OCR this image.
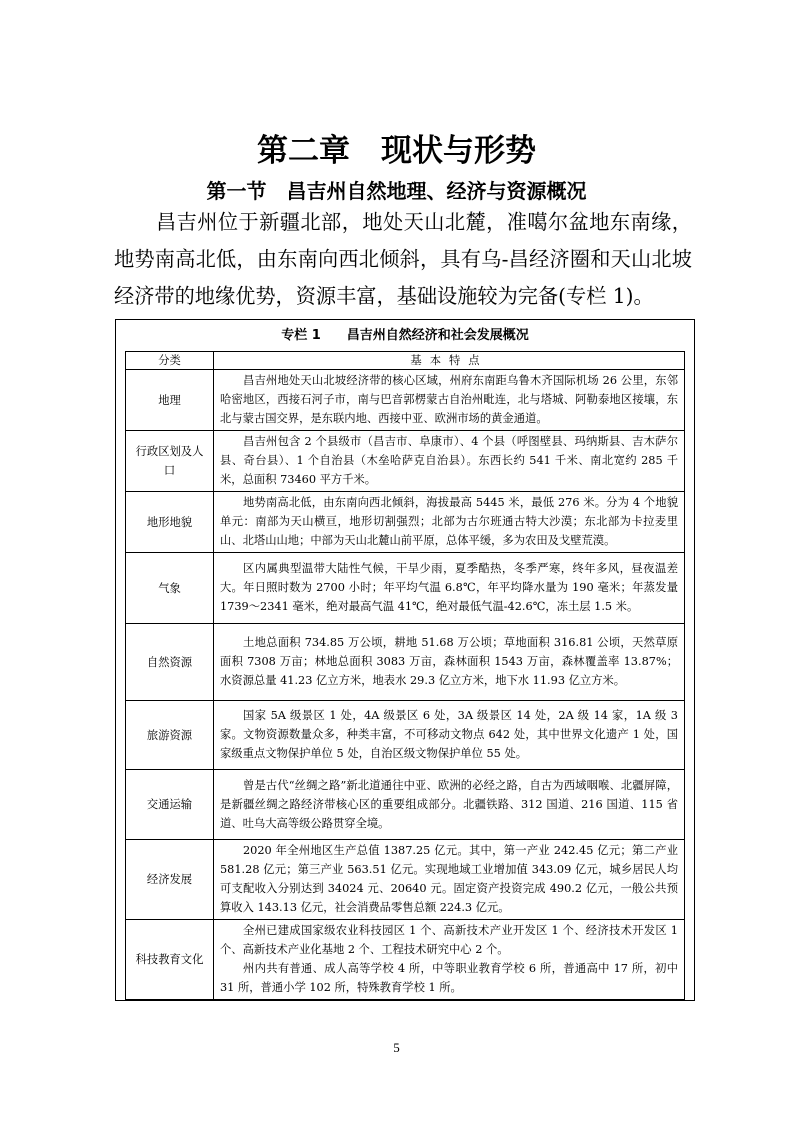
第二章　现状与形势
第一节　昌吉州自然地理、经济与资源概况

昌吉州位于新疆北部，地处天山北麓，准噶尔盆地东南缘，地势南高北低，由东南向西北倾斜，具有乌-昌经济圈和天山北坡经济带的地缘优势，资源丰富，基础设施较为完备(专栏 1)。

专栏 1　　昌吉州自然经济和社会发展概况
分类	基本特点
地理	昌吉州地处天山北坡经济带的核心区域，州府东南距乌鲁木齐国际机场 26 公里，东邻哈密地区，西接石河子市，南与巴音郭楞蒙古自治州毗连，北与塔城、阿勒泰地区接壤，东北与蒙古国交界，是东联内地、西接中亚、欧洲市场的黄金通道。

行政区划及人口	昌吉州包含 2 个县级市（昌吉市、阜康市）、4 个县（呼图壁县、玛纳斯县、吉木萨尔县、奇台县）、1 个自治县（木垒哈萨克自治县）。东西长约 541 千米、南北宽约 285 千米，总面积 73460 平方千米。

地形地貌	地势南高北低，由东南向西北倾斜，海拔最高 5445 米，最低 276 米。分为 4 个地貌单元：南部为天山横亘，地形切割强烈；北部为古尔班通古特大沙漠；东北部为卡拉麦里山、北塔山山地；中部为天山北麓山前平原，总体平缓，多为农田及戈壁荒漠。

气象	区内属典型温带大陆性气候，干旱少雨，夏季酷热，冬季严寒，终年多风，昼夜温差大。年日照时数为 2700 小时；年平均气温 6.8℃，年平均降水量为 190 毫米；年蒸发量 1739～2341 毫米，绝对最高气温 41℃，绝对最低气温-42.6℃，冻土层 1.5 米。

自然资源	土地总面积 734.85 万公顷，耕地 51.68 万公顷；草地面积 316.81 公顷，天然草原面积 7308 万亩；林地总面积 3083 万亩，森林面积 1543 万亩，森林覆盖率 13.87%；水资源总量 41.23 亿立方米，地表水 29.3 亿立方米，地下水 11.93 亿立方米。

旅游资源	国家 5A 级景区 1 处，4A 级景区 6 处，3A 级景区 14 处，2A 级 14 家，1A 级 3 家。文物资源数量众多，种类丰富，不可移动文物点 642 处，其中世界文化遗产 1 处，国家级重点文物保护单位 5 处，自治区级文物保护单位 55 处。

交通运输	曾是古代“丝绸之路”新北道通往中亚、欧洲的必经之路，自古为西域咽喉、北疆屏障，是新疆丝绸之路经济带核心区的重要组成部分。北疆铁路、312 国道、216 国道、115 省道、吐乌大高等级公路贯穿全境。

经济发展	2020 年全州地区生产总值 1387.25 亿元。其中，第一产业 242.45 亿元；第二产业 581.28 亿元；第三产业 563.51 亿元。实现地域工业增加值 343.09 亿元，城乡居民人均可支配收入分别达到 34024 元、20640 元。固定资产投资完成 490.2 亿元，一般公共预算收入 143.13 亿元，社会消费品零售总额 224.3 亿元。

科技教育文化	全州已建成国家级农业科技园区 1 个、高新技术产业开发区 1 个、经济技术开发区 1 个、高新技术产业化基地 2 个、工程技术研究中心 2 个。

州内共有普通、成人高等学校 4 所，中等职业教育学校 6 所，普通高中 17 所，初中 31 所，普通小学 102 所，特殊教育学校 1 所。

5
